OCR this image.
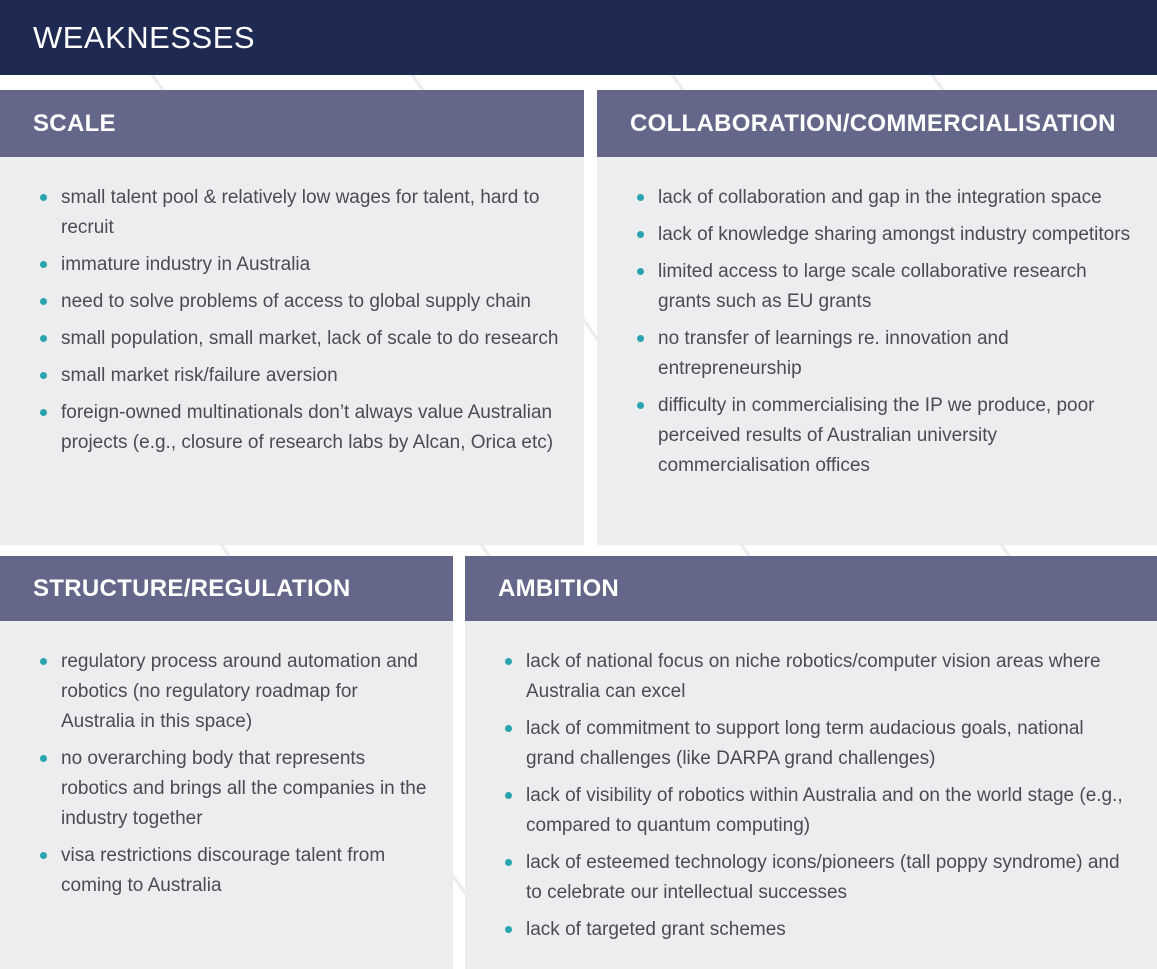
WEAKNESSES
SCALE
small talent pool & relatively low wages for talent, hard to recruit
immature industry in Australia
need to solve problems of access to global supply chain
small population, small market, lack of scale to do research
small market risk/failure aversion
foreign-owned multinationals don’t always value Australian projects (e.g., closure of research labs by Alcan, Orica etc)
COLLABORATION/COMMERCIALISATION
lack of collaboration and gap in the integration space
lack of knowledge sharing amongst industry competitors
limited access to large scale collaborative research grants such as EU grants
no transfer of learnings re. innovation and entrepreneurship
difficulty in commercialising the IP we produce, poor perceived results of Australian university commercialisation offices
STRUCTURE/REGULATION
regulatory process around automation and robotics (no regulatory roadmap for Australia in this space)
no overarching body that represents robotics and brings all the companies in the industry together
visa restrictions discourage talent from coming to Australia
AMBITION
lack of national focus on niche robotics/computer vision areas where Australia can excel
lack of commitment to support long term audacious goals, national grand challenges (like DARPA grand challenges)
lack of visibility of robotics within Australia and on the world stage (e.g., compared to quantum computing)
lack of esteemed technology icons/pioneers (tall poppy syndrome) and to celebrate our intellectual successes
lack of targeted grant schemes
